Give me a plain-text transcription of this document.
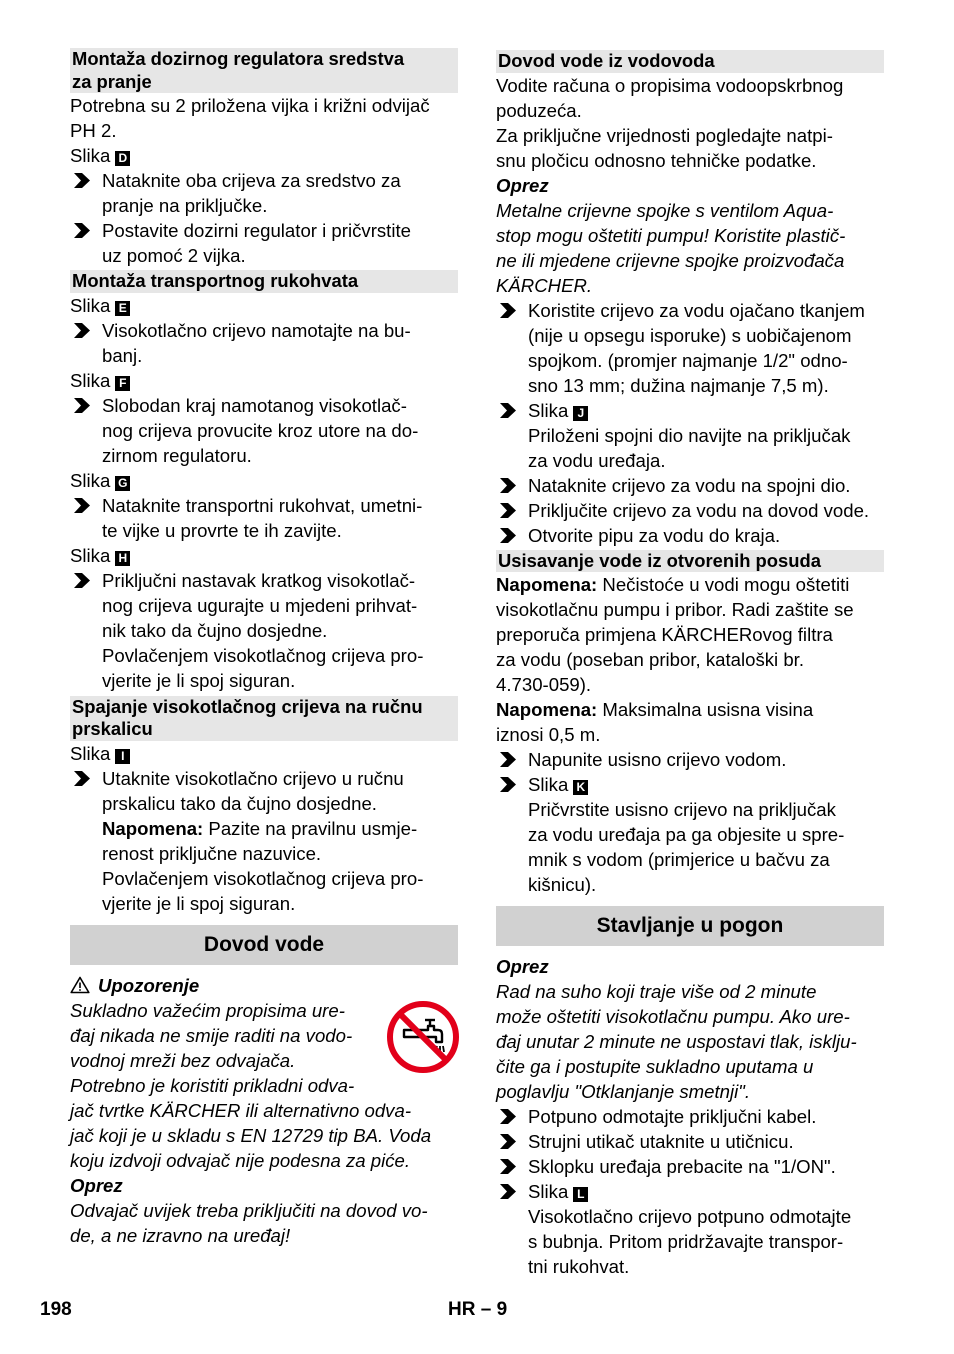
Montaža dozirnog regulatora sredstva
za pranje
Potrebna su 2 priložena vijka i križni odvijač
PH 2.
Slika D
Nataknite oba crijeva za sredstvo za
pranje na priključke.
Postavite dozirni regulator i pričvrstite
uz pomoć 2 vijka.
Montaža transportnog rukohvata
Slika E
Visokotlačno crijevo namotajte na bu-
banj.
Slika F
Slobodan kraj namotanog visokotlač-
nog crijeva provucite kroz utore na do-
zirnom regulatoru.
Slika G
Nataknite transportni rukohvat, umetni-
te vijke u provrte te ih zavijte.
Slika H
Priključni nastavak kratkog visokotlač-
nog crijeva ugurajte u mjedeni prihvat-
nik tako da čujno dosjedne.
Povlačenjem visokotlačnog crijeva pro-
vjerite je li spoj siguran.
Spajanje visokotlačnog crijeva na ručnu
prskalicu
Slika I
Utaknite visokotlačno crijevo u ručnu
prskalicu tako da čujno dosjedne.
Napomena: Pazite na pravilnu usmje-
renost priključne nazuvice.
Povlačenjem visokotlačnog crijeva pro-
vjerite je li spoj siguran.
Dovod vode
Upozorenje
Sukladno važećim propisima ure-
đaj nikada ne smije raditi na vodo-
vodnoj mreži bez odvajača.
Potrebno je koristiti prikladni odva-
jač tvrtke KÄRCHER ili alternativno odva-
jač koji je u skladu s EN 12729 tip BA. Voda
koju izdvoji odvajač nije podesna za piće.
Oprez
Odvajač uvijek treba priključiti na dovod vo-
de, a ne izravno na uređaj!
Dovod vode iz vodovoda
Vodite računa o propisima vodoopskrbnog
poduzeća.
Za priključne vrijednosti pogledajte natpi-
snu pločicu odnosno tehničke podatke.
Oprez
Metalne crijevne spojke s ventilom Aqua-
stop mogu oštetiti pumpu! Koristite plastič-
ne ili mjedene crijevne spojke proizvođača
KÄRCHER.
Koristite crijevo za vodu ojačano tkanjem
(nije u opsegu isporuke) s uobičajenom
spojkom. (promjer najmanje 1/2" odno-
sno 13 mm; dužina najmanje 7,5 m).
Slika J
Priloženi spojni dio navijte na priključak
za vodu uređaja.
Nataknite crijevo za vodu na spojni dio.
Priključite crijevo za vodu na dovod vode.
Otvorite pipu za vodu do kraja.
Usisavanje vode iz otvorenih posuda
Napomena: Nečistoće u vodi mogu oštetiti
visokotlačnu pumpu i pribor. Radi zaštite se
preporuča primjena KÄRCHERovog filtra
za vodu (poseban pribor, kataloški br.
4.730-059).
Napomena: Maksimalna usisna visina
iznosi 0,5 m.
Napunite usisno crijevo vodom.
Slika K
Pričvrstite usisno crijevo na priključak
za vodu uređaja pa ga objesite u spre-
mnik s vodom (primjerice u bačvu za
kišnicu).
Stavljanje u pogon
Oprez
Rad na suho koji traje više od 2 minute
može oštetiti visokotlačnu pumpu. Ako ure-
đaj unutar 2 minute ne uspostavi tlak, isklju-
čite ga i postupite sukladno uputama u
poglavlju "Otklanjanje smetnji".
Potpuno odmotajte priključni kabel.
Strujni utikač utaknite u utičnicu.
Sklopku uređaja prebacite na "1/ON".
Slika L
Visokotlačno crijevo potpuno odmotajte
s bubnja. Pritom pridržavajte transpor-
tni rukohvat.
198	HR – 9
